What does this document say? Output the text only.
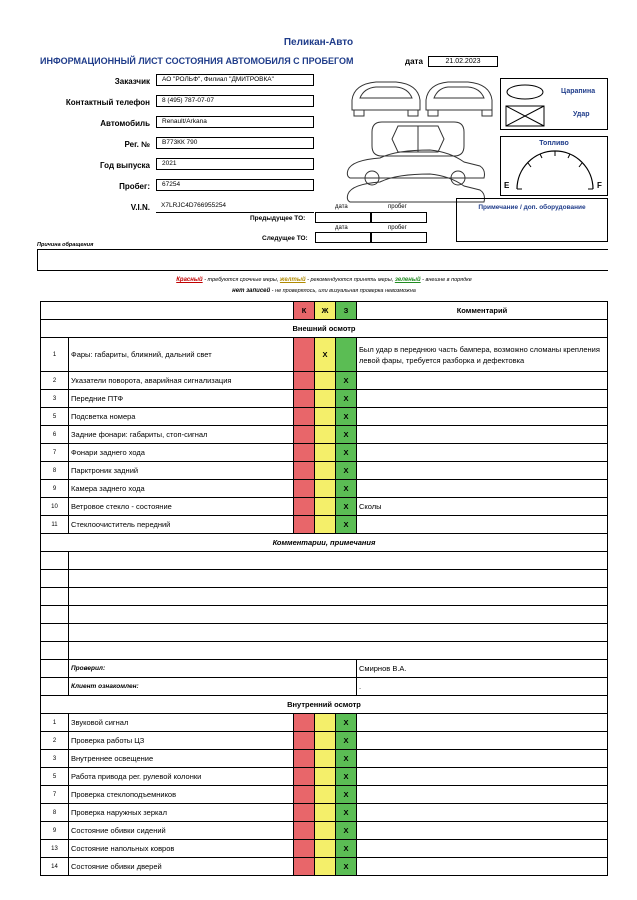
Пеликан-Авто
ИНФОРМАЦИОННЫЙ ЛИСТ СОСТОЯНИЯ АВТОМОБИЛЯ С ПРОБЕГОМ	дата	21.02.2023
Заказчик	АО "РОЛЬФ", Филиал "ДМИТРОВКА"
Контактный телефон	8 (495) 787-07-07
Автомобиль	Renault/Arkana
Рег. №	В773КК 790
Год выпуска	2021
Пробег:	67254
V.I.N.	X7LRJC4D766955254	дата	пробег
Предыдущее ТО:
дата	пробег
Следущее ТО:
Царапина
Удар
Топливо
E	F
Примечание / доп. оборудование
Причина обращения
Красный - требуются срочные меры, желтый - рекомендуются принять меры, зеленый - внешне в порядке
нет записей - не проверялось, или визуальная проверка невозможна
		К	Ж	З	Комментарий
Внешний осмотр					
1	Фары: габариты, ближний, дальний свет		X		Был удар в переднюю часть бампера, возможно сломаны крепления левой фары, требуется разборка и дефектовка
2	Указатели поворота, аварийная сигнализация			X	
3	Передние ПТФ			X	
5	Подсветка номера			X	
6	Задние фонари: габариты, стоп-сигнал			X	
7	Фонари заднего хода			X	
8	Парктроник задний			X	
9	Камера заднего хода			X	
10	Ветровое стекло - состояние			X	Сколы
11	Стеклоочиститель передний			X	
Комментарии, примечания					

	Проверил:				Смирнов В.А.
	Клиент ознакомлен:				.
Внутренний осмотр					
1	Звуковой сигнал			X	
2	Проверка работы ЦЗ			X	
3	Внутреннее освещение			X	
5	Работа привода рег. рулевой колонки			X	
7	Проверка стеклоподъемников			X	
8	Проверка наружных зеркал			X	
9	Состояние обивки сидений			X	
13	Состояние напольных ковров			X	
14	Состояние обивки дверей			X	
